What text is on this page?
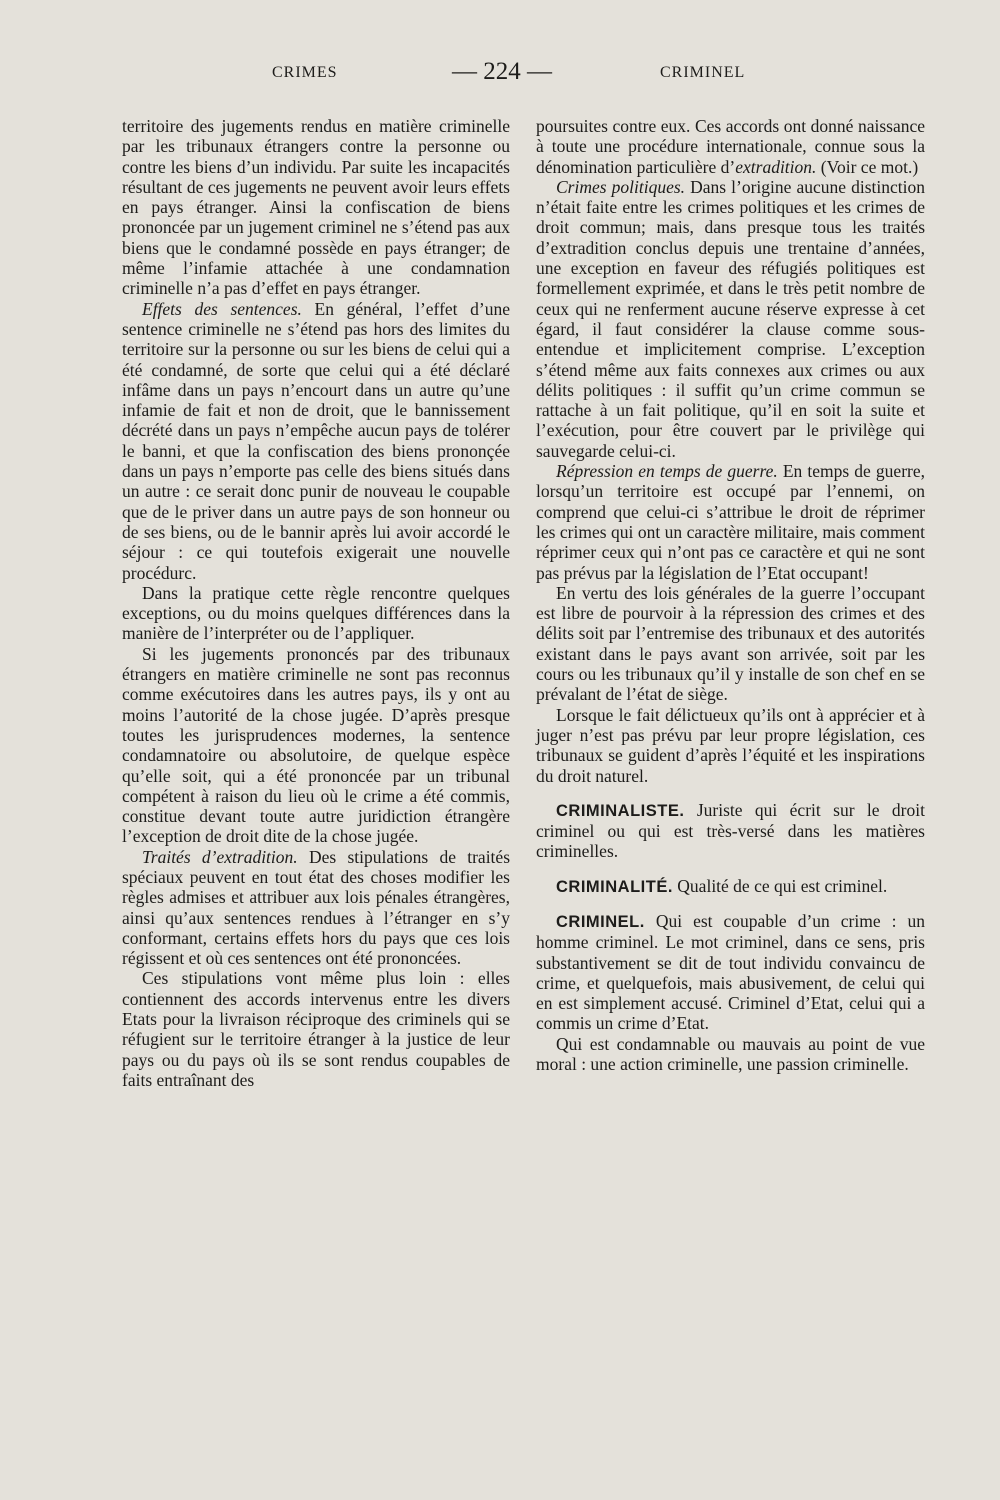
CRIMES	— 224 —	CRIMINEL

territoire des jugements rendus en matière criminelle par les tribunaux étrangers contre la personne ou contre les biens d’un individu. Par suite les incapacités résultant de ces jugements ne peuvent avoir leurs effets en pays étranger. Ainsi la confiscation de biens prononcée par un jugement criminel ne s’étend pas aux biens que le condamné possède en pays étranger; de même l’infamie attachée à une condamnation criminelle n’a pas d’effet en pays étranger.

Effets des sentences. En général, l’effet d’une sentence criminelle ne s’étend pas hors des limites du territoire sur la personne ou sur les biens de celui qui a été condamné, de sorte que celui qui a été déclaré infâme dans un pays n’encourt dans un autre qu’une infamie de fait et non de droit, que le bannissement décrété dans un pays n’empêche aucun pays de tolérer le banni, et que la confiscation des biens prononçée dans un pays n’emporte pas celle des biens situés dans un autre : ce serait donc punir de nouveau le coupable que de le priver dans un autre pays de son honneur ou de ses biens, ou de le bannir après lui avoir accordé le séjour : ce qui toutefois exigerait une nouvelle procédurc.

Dans la pratique cette règle rencontre quelques exceptions, ou du moins quelques différences dans la manière de l’interpréter ou de l’appliquer.

Si les jugements prononcés par des tribunaux étrangers en matière criminelle ne sont pas reconnus comme exécutoires dans les autres pays, ils y ont au moins l’autorité de la chose jugée. D’après presque toutes les jurisprudences modernes, la sentence condamnatoire ou absolutoire, de quelque espèce qu’elle soit, qui a été prononcée par un tribunal compétent à raison du lieu où le crime a été commis, constitue devant toute autre juridiction étrangère l’exception de droit dite de la chose jugée.

Traités d’extradition. Des stipulations de traités spéciaux peuvent en tout état des choses modifier les règles admises et attribuer aux lois pénales étrangères, ainsi qu’aux sentences rendues à l’étranger en s’y conformant, certains effets hors du pays que ces lois régissent et où ces sentences ont été prononcées.

Ces stipulations vont même plus loin : elles contiennent des accords intervenus entre les divers Etats pour la livraison réciproque des criminels qui se réfugient sur le territoire étranger à la justice de leur pays ou du pays où ils se sont rendus coupables de faits entraînant des

poursuites contre eux. Ces accords ont donné naissance à toute une procédure internationale, connue sous la dénomination particulière d’extradition. (Voir ce mot.)

Crimes politiques. Dans l’origine aucune distinction n’était faite entre les crimes politiques et les crimes de droit commun; mais, dans presque tous les traités d’extradition conclus depuis une trentaine d’années, une exception en faveur des réfugiés politiques est formellement exprimée, et dans le très petit nombre de ceux qui ne renferment aucune réserve expresse à cet égard, il faut considérer la clause comme sous-entendue et implicitement comprise. L’exception s’étend même aux faits connexes aux crimes ou aux délits politiques : il suffit qu’un crime commun se rattache à un fait politique, qu’il en soit la suite et l’exécution, pour être couvert par le privilège qui sauvegarde celui-ci.

Répression en temps de guerre. En temps de guerre, lorsqu’un territoire est occupé par l’ennemi, on comprend que celui-ci s’attribue le droit de réprimer les crimes qui ont un caractère militaire, mais comment réprimer ceux qui n’ont pas ce caractère et qui ne sont pas prévus par la législation de l’Etat occupant!

En vertu des lois générales de la guerre l’occupant est libre de pourvoir à la répression des crimes et des délits soit par l’entremise des tribunaux et des autorités existant dans le pays avant son arrivée, soit par les cours ou les tribunaux qu’il y installe de son chef en se prévalant de l’état de siège.

Lorsque le fait délictueux qu’ils ont à apprécier et à juger n’est pas prévu par leur propre législation, ces tribunaux se guident d’après l’équité et les inspirations du droit naturel.

CRIMINALISTE. Juriste qui écrit sur le droit criminel ou qui est très-versé dans les matières criminelles.

CRIMINALITÉ. Qualité de ce qui est criminel.

CRIMINEL. Qui est coupable d’un crime : un homme criminel. Le mot criminel, dans ce sens, pris substantivement se dit de tout individu convaincu de crime, et quelquefois, mais abusivement, de celui qui en est simplement accusé. Criminel d’Etat, celui qui a commis un crime d’Etat.

Qui est condamnable ou mauvais au point de vue moral : une action criminelle, une passion criminelle.
